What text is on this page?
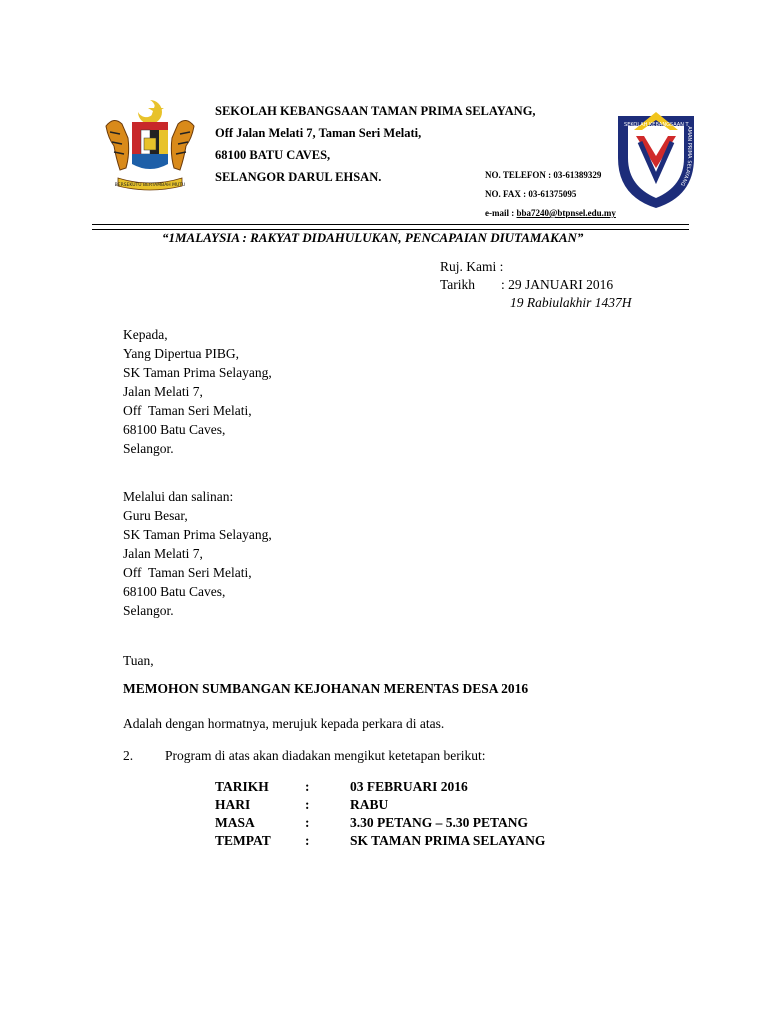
BERSEKUTU BERTAMBAH MUTU
SEKOLAH KEBANGSAAN TAMAN PRIMA SELAYANG,
Off Jalan Melati 7, Taman Seri Melati,
68100 BATU CAVES,
SELANGOR DARUL EHSAN.	NO. TELEFON : 03-61389329
NO. FAX : 03-61375095
e-mail : bba7240@btpnsel.edu.my
SEKOLAH KEBANGSAAN TAMAN PRIMA SELAYANG
“1MALAYSIA : RAKYAT DIDAHULUKAN, PENCAPAIAN DIUTAMAKAN”
Ruj. Kami :
Tarikh : 29 JANUARI 2016
19 Rabiulakhir 1437H
Kepada,
Yang Dipertua PIBG,
SK Taman Prima Selayang,
Jalan Melati 7,
Off  Taman Seri Melati,
68100 Batu Caves,
Selangor.
Melalui dan salinan:
Guru Besar,
SK Taman Prima Selayang,
Jalan Melati 7,
Off  Taman Seri Melati,
68100 Batu Caves,
Selangor.
Tuan,
MEMOHON SUMBANGAN KEJOHANAN MERENTAS DESA 2016
Adalah dengan hormatnya, merujuk kepada perkara di atas.
2. Program di atas akan diadakan mengikut ketetapan berikut:
TARIKH	:	03 FEBRUARI 2016
HARI	:	RABU
MASA	:	3.30 PETANG – 5.30 PETANG
TEMPAT	:	SK TAMAN PRIMA SELAYANG
